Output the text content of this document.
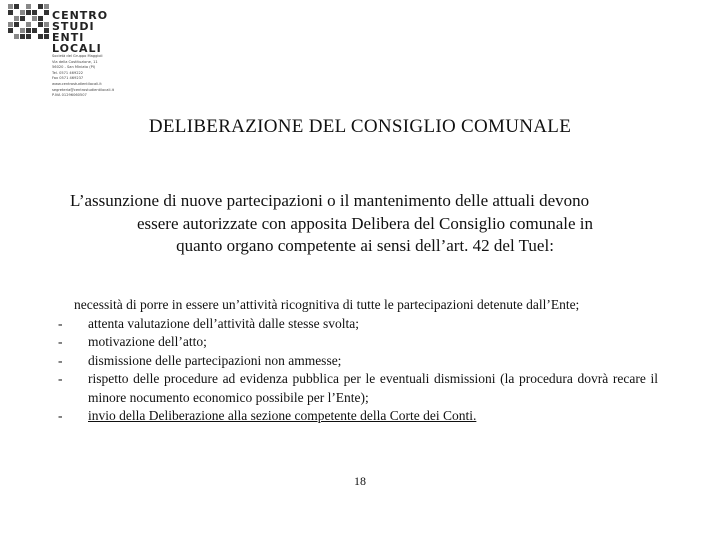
CENTRO
STUDI
ENTI
LOCALI
Società del Gruppo Maggioli
Via della Costituzione, 11
56020 - San Miniato (PI)
Tel. 0571 469222
Fax 0571 469237
www.centrostudientilocali.it
segreteria@centrostudientilocali.it
P.IVA 01296060507
DELIBERAZIONE DEL CONSIGLIO COMUNALE

L’assunzione di nuove partecipazioni o il mantenimento delle attuali devono

essere autorizzate con apposita Delibera del Consiglio comunale in

quanto organo competente ai sensi dell’art. 42 del Tuel:

necessità di porre in essere un’attività ricognitiva di tutte le partecipazioni detenute dall’Ente;
- attenta valutazione dell’attività dalle stesse svolta;
- motivazione dell’atto;
- dismissione delle partecipazioni non ammesse;
- rispetto delle procedure ad evidenza pubblica per le eventuali dismissioni (la procedura dovrà recare il minore nocumento economico possibile per l’Ente);
- invio della Deliberazione alla sezione competente della Corte dei Conti.
18
